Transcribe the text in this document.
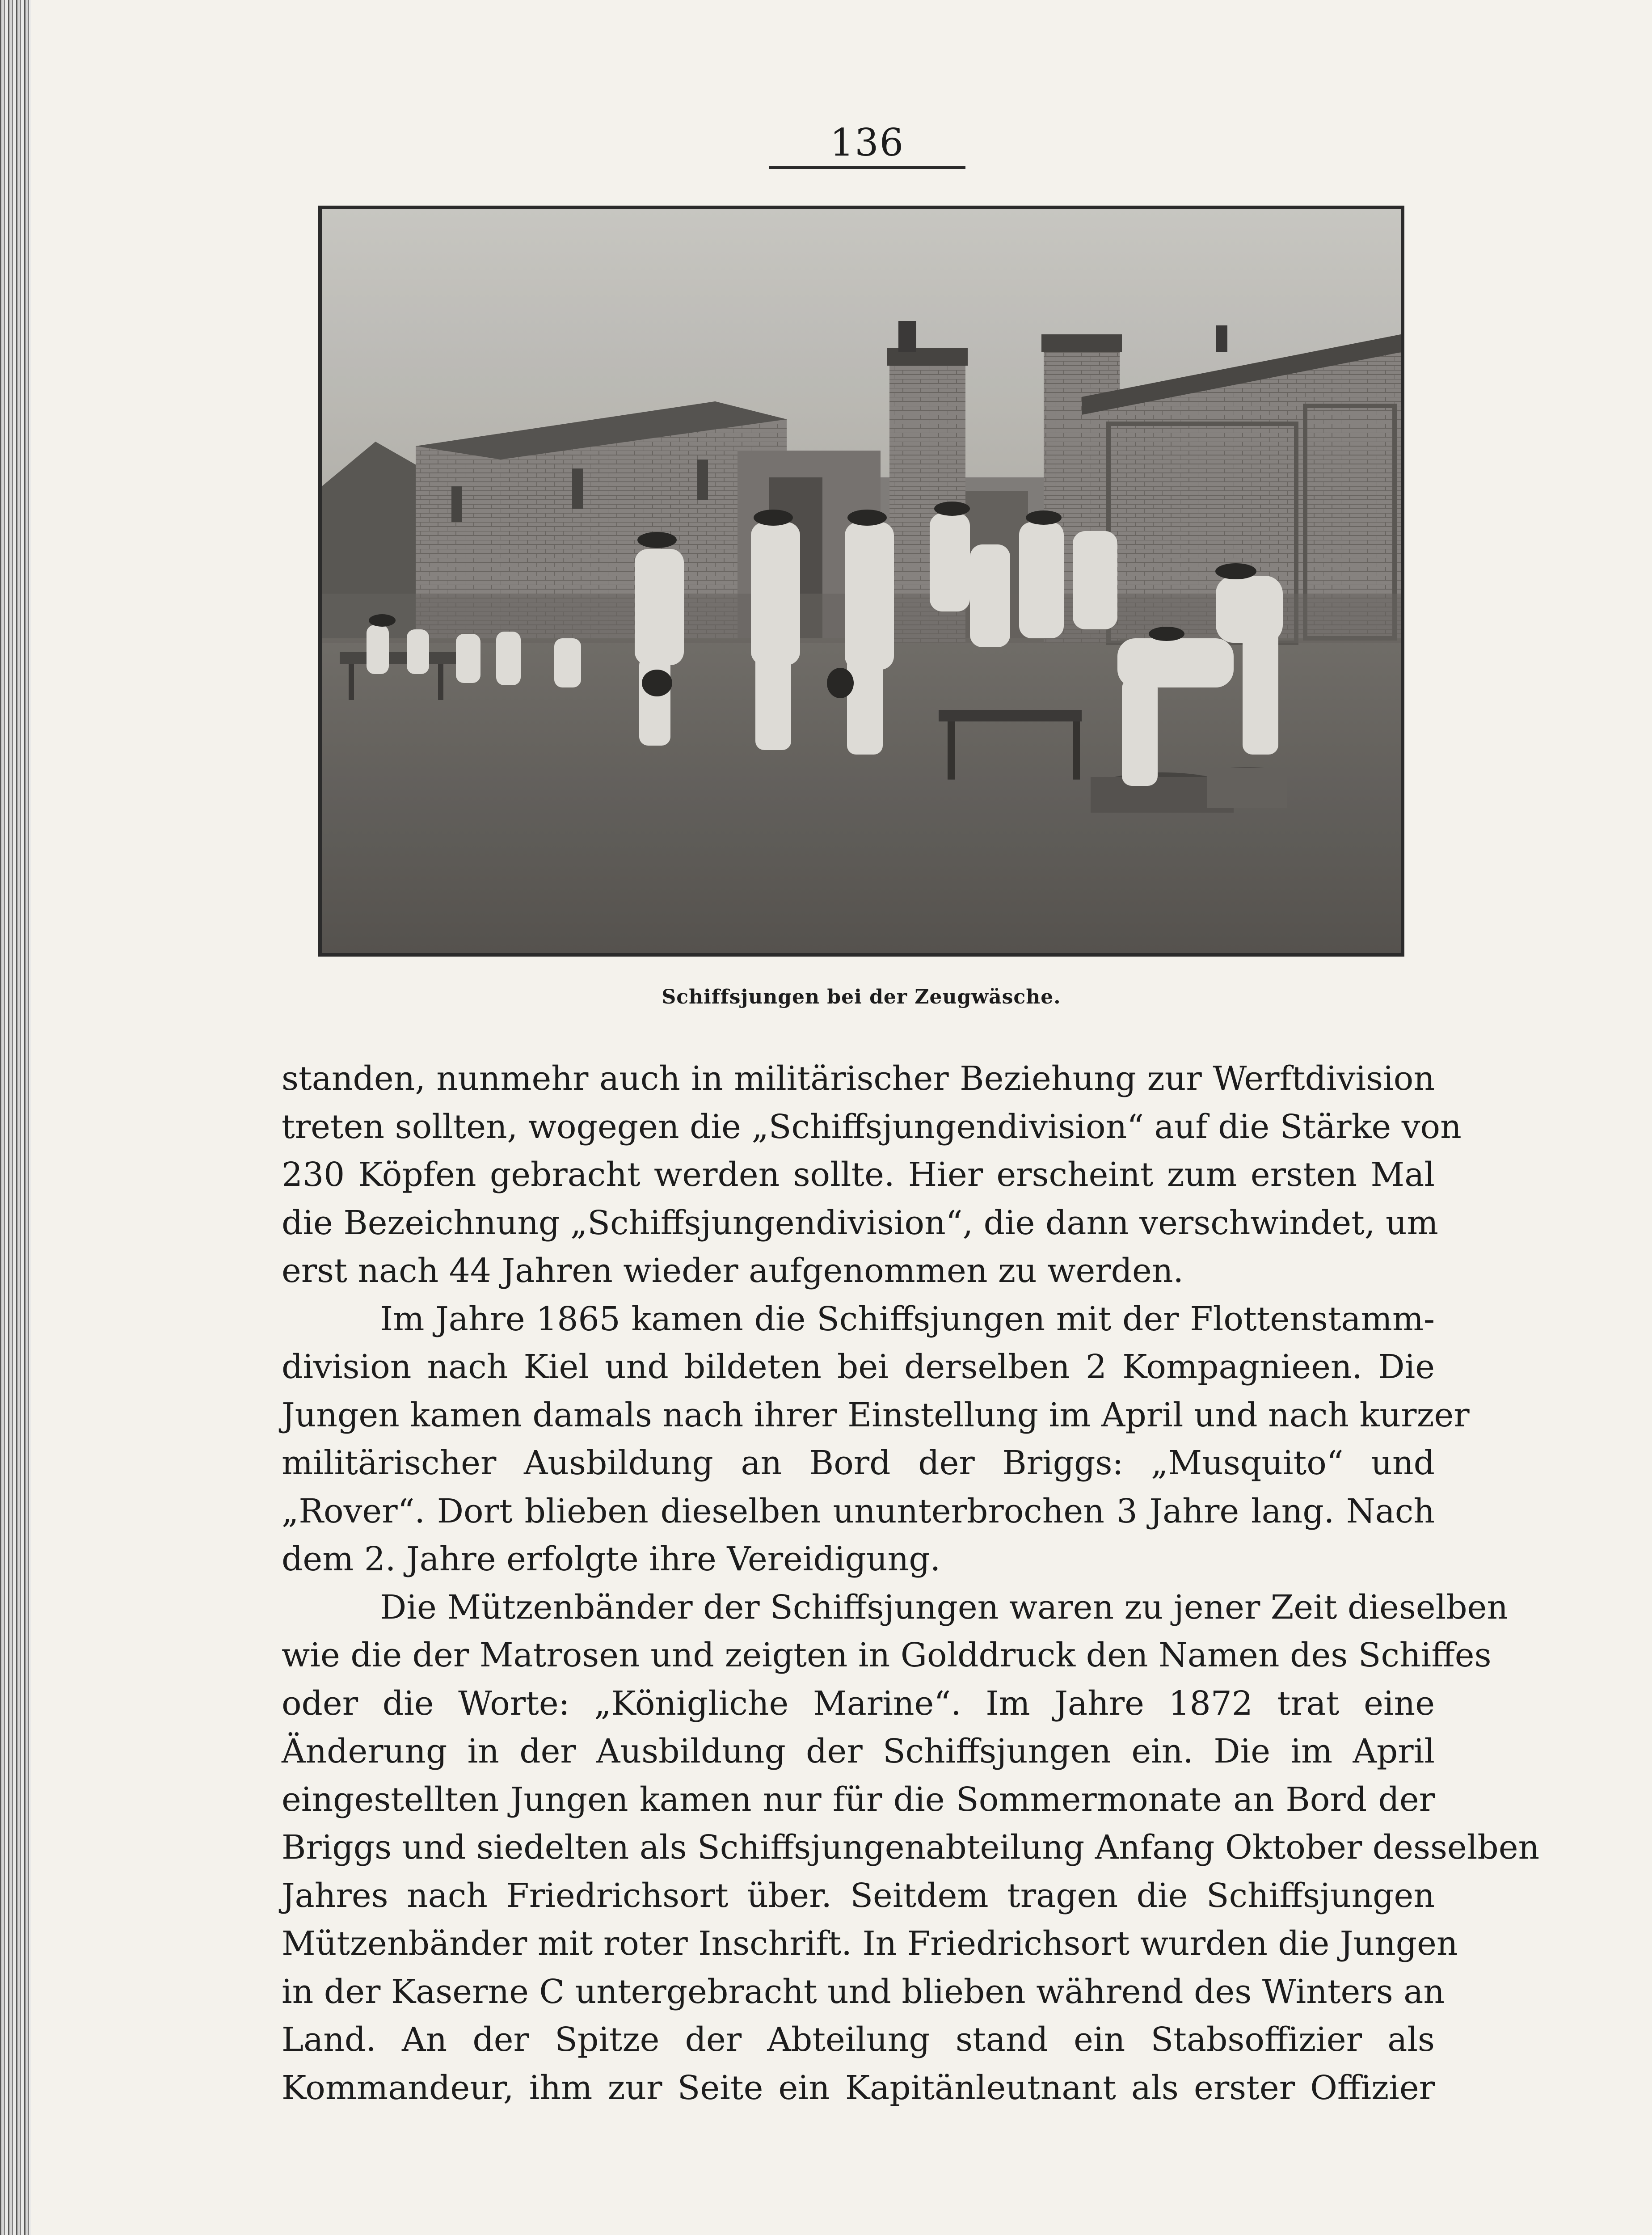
136
Schiffsjungen bei der Zeugwäsche.
standen, nunmehr auch in militärischer Beziehung zur Werftdivision
treten sollten, wogegen die „Schiffsjungendivision“ auf die Stärke von
230 Köpfen gebracht werden sollte. Hier erscheint zum ersten Mal
die Bezeichnung „Schiffsjungendivision“, die dann verschwindet, um
erst nach 44 Jahren wieder aufgenommen zu werden.
Im Jahre 1865 kamen die Schiffsjungen mit der Flottenstamm-
division nach Kiel und bildeten bei derselben 2 Kompagnieen. Die
Jungen kamen damals nach ihrer Einstellung im April und nach kurzer
militärischer Ausbildung an Bord der Briggs: „Musquito“ und
„Rover“. Dort blieben dieselben ununterbrochen 3 Jahre lang. Nach
dem 2. Jahre erfolgte ihre Vereidigung.
Die Mützenbänder der Schiffsjungen waren zu jener Zeit dieselben
wie die der Matrosen und zeigten in Golddruck den Namen des Schiffes
oder die Worte: „Königliche Marine“. Im Jahre 1872 trat eine
Änderung in der Ausbildung der Schiffsjungen ein. Die im April
eingestellten Jungen kamen nur für die Sommermonate an Bord der
Briggs und siedelten als Schiffsjungenabteilung Anfang Oktober desselben
Jahres nach Friedrichsort über. Seitdem tragen die Schiffsjungen
Mützenbänder mit roter Inschrift. In Friedrichsort wurden die Jungen
in der Kaserne C untergebracht und blieben während des Winters an
Land. An der Spitze der Abteilung stand ein Stabsoffizier als
Kommandeur, ihm zur Seite ein Kapitänleutnant als erster Offizier
